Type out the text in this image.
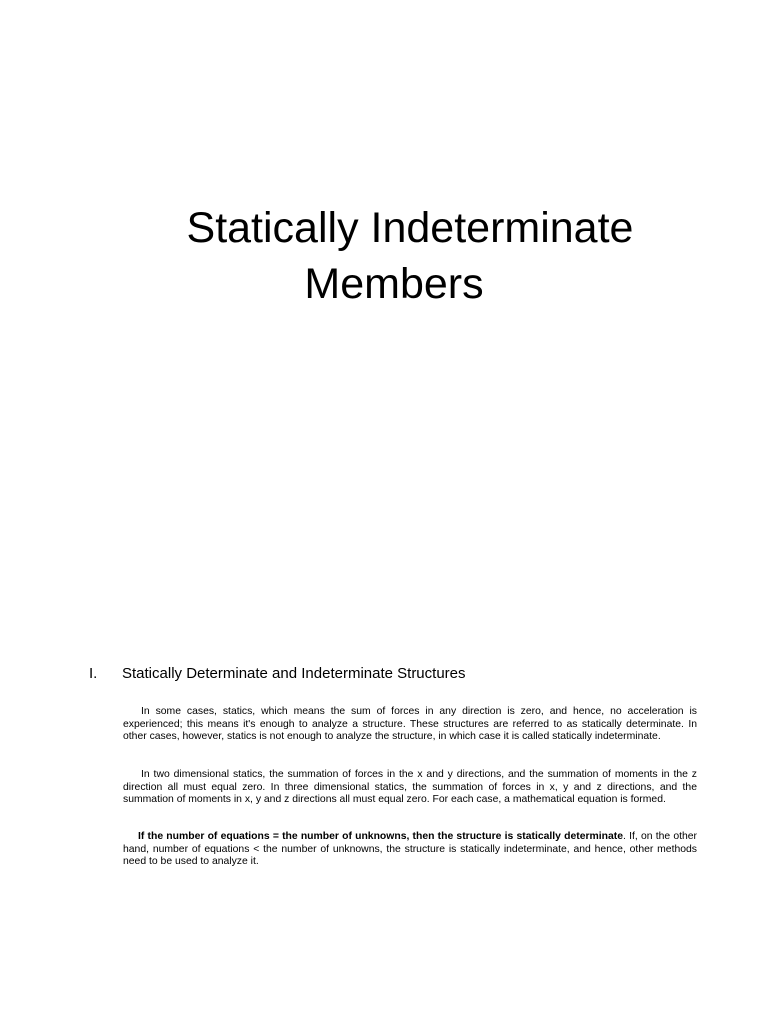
Statically Indeterminate
Members
I. Statically Determinate and Indeterminate Structures

In some cases, statics, which means the sum of forces in any direction is zero, and hence, no acceleration is experienced; this means it's enough to analyze a structure. These structures are referred to as statically determinate. In other cases, however, statics is not enough to analyze the structure, in which case it is called statically indeterminate.

In two dimensional statics, the summation of forces in the x and y directions, and the summation of moments in the z direction all must equal zero. In three dimensional statics, the summation of forces in x, y and z directions, and the summation of moments in x, y and z directions all must equal zero. For each case, a mathematical equation is formed.

If the number of equations = the number of unknowns, then the structure is statically determinate. If, on the other hand, number of equations < the number of unknowns, the structure is statically indeterminate, and hence, other methods need to be used to analyze it.
